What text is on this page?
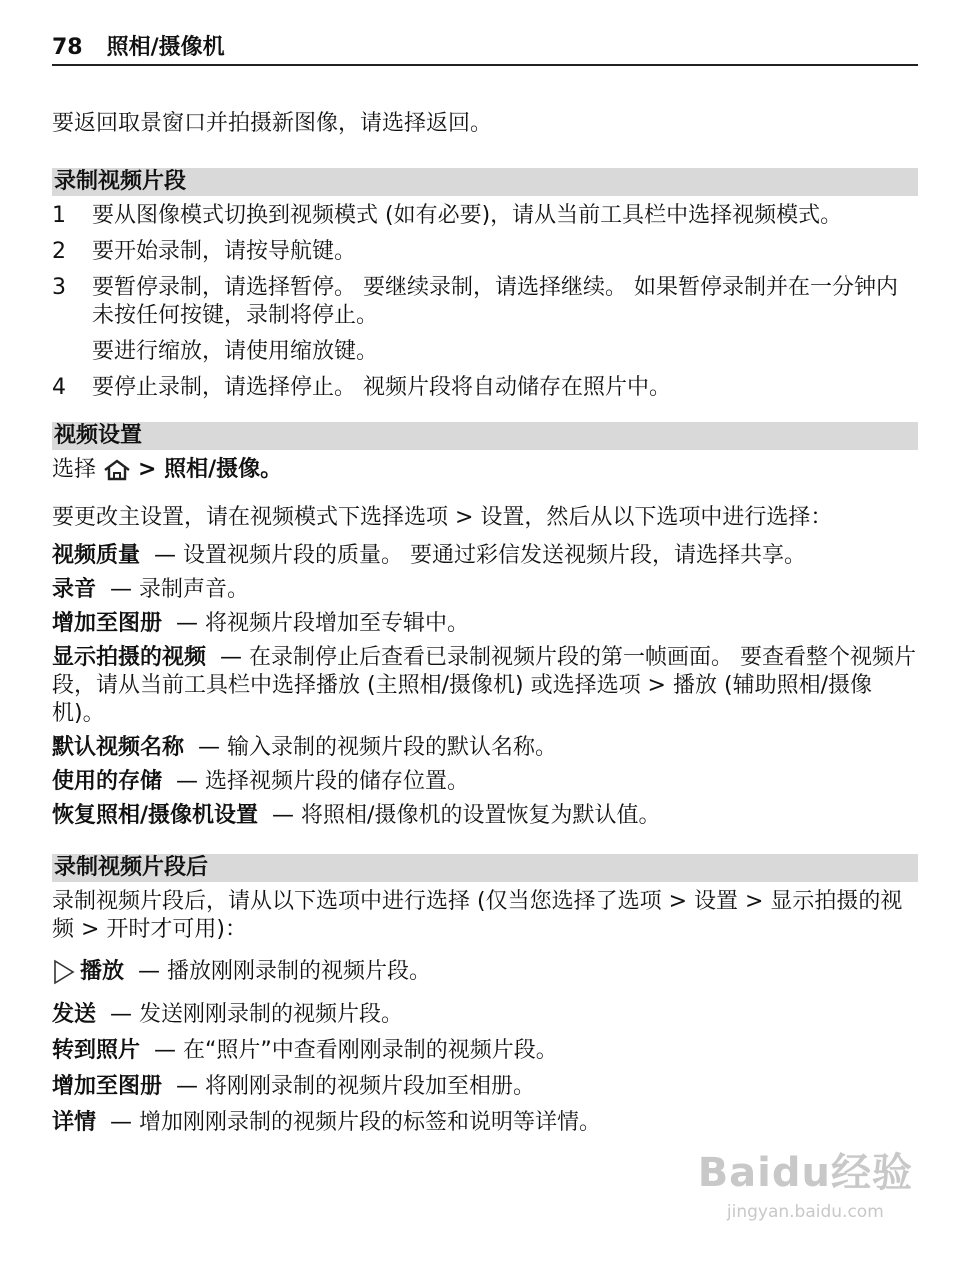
78 照相/摄像机

要返回取景窗口并拍摄新图像，请选择返回。

录制视频片段
1	要从图像模式切换到视频模式 (如有必要)，请从当前工具栏中选择视频模式。
2	要开始录制，请按导航键。
3	要暂停录制，请选择暂停。 要继续录制，请选择继续。 如果暂停录制并在一分钟内未按任何按键，录制将停止。
要进行缩放，请使用缩放键。
4	要停止录制，请选择停止。 视频片段将自动储存在照片中。
视频设置

选择 > 照相/摄像。

要更改主设置，请在视频模式下选择选项 > 设置，然后从以下选项中进行选择：

视频质量 — 设置视频片段的质量。 要通过彩信发送视频片段，请选择共享。

录音 — 录制声音。

增加至图册 — 将视频片段增加至专辑中。

显示拍摄的视频 — 在录制停止后查看已录制视频片段的第一帧画面。 要查看整个视频片段，请从当前工具栏中选择播放 (主照相/摄像机) 或选择选项 > 播放 (辅助照相/摄像机)。

默认视频名称 — 输入录制的视频片段的默认名称。

使用的存储 — 选择视频片段的储存位置。

恢复照相/摄像机设置 — 将照相/摄像机的设置恢复为默认值。

录制视频片段后

录制视频片段后，请从以下选项中进行选择 (仅当您选择了选项 > 设置 > 显示拍摄的视频 > 开时才可用)：

播放 — 播放刚刚录制的视频片段。

发送 — 发送刚刚录制的视频片段。

转到照片 — 在“照片”中查看刚刚录制的视频片段。

增加至图册 — 将刚刚录制的视频片段加至相册。

详情 — 增加刚刚录制的视频片段的标签和说明等详情。

Baidu经验
jingyan.baidu.com
